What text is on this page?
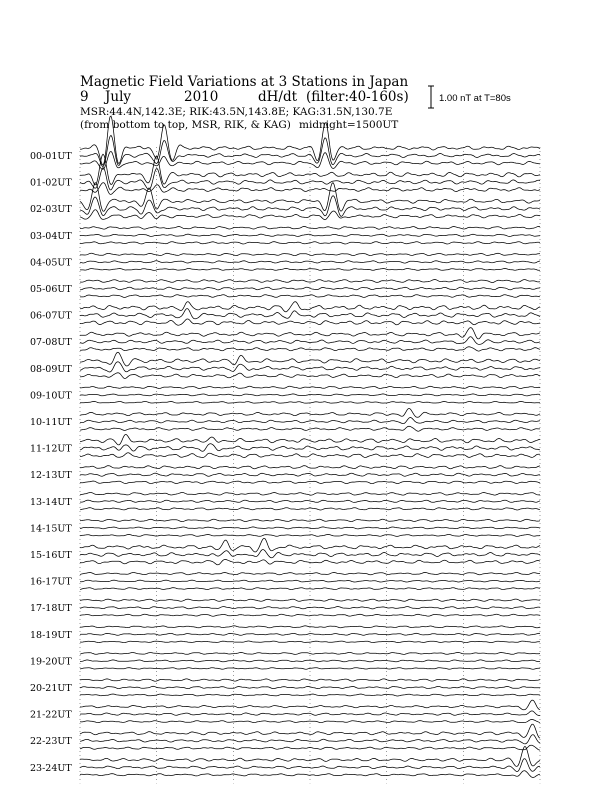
Magnetic Field Variations at 3 Stations in Japan
9 July	2010	dH/dt (filter:40-160s)
MSR:44.4N,142.3E; RIK:43.5N,143.8E; KAG:31.5N,130.7E
(from bottom to top, MSR, RIK, & KAG) midnight=1500UT
1.00 nT at T=80s
00-01UT
01-02UT
02-03UT
03-04UT
04-05UT
05-06UT
06-07UT
07-08UT
08-09UT
09-10UT
10-11UT
11-12UT
12-13UT
13-14UT
14-15UT
15-16UT
16-17UT
17-18UT
18-19UT
19-20UT
20-21UT
21-22UT
22-23UT
23-24UT
